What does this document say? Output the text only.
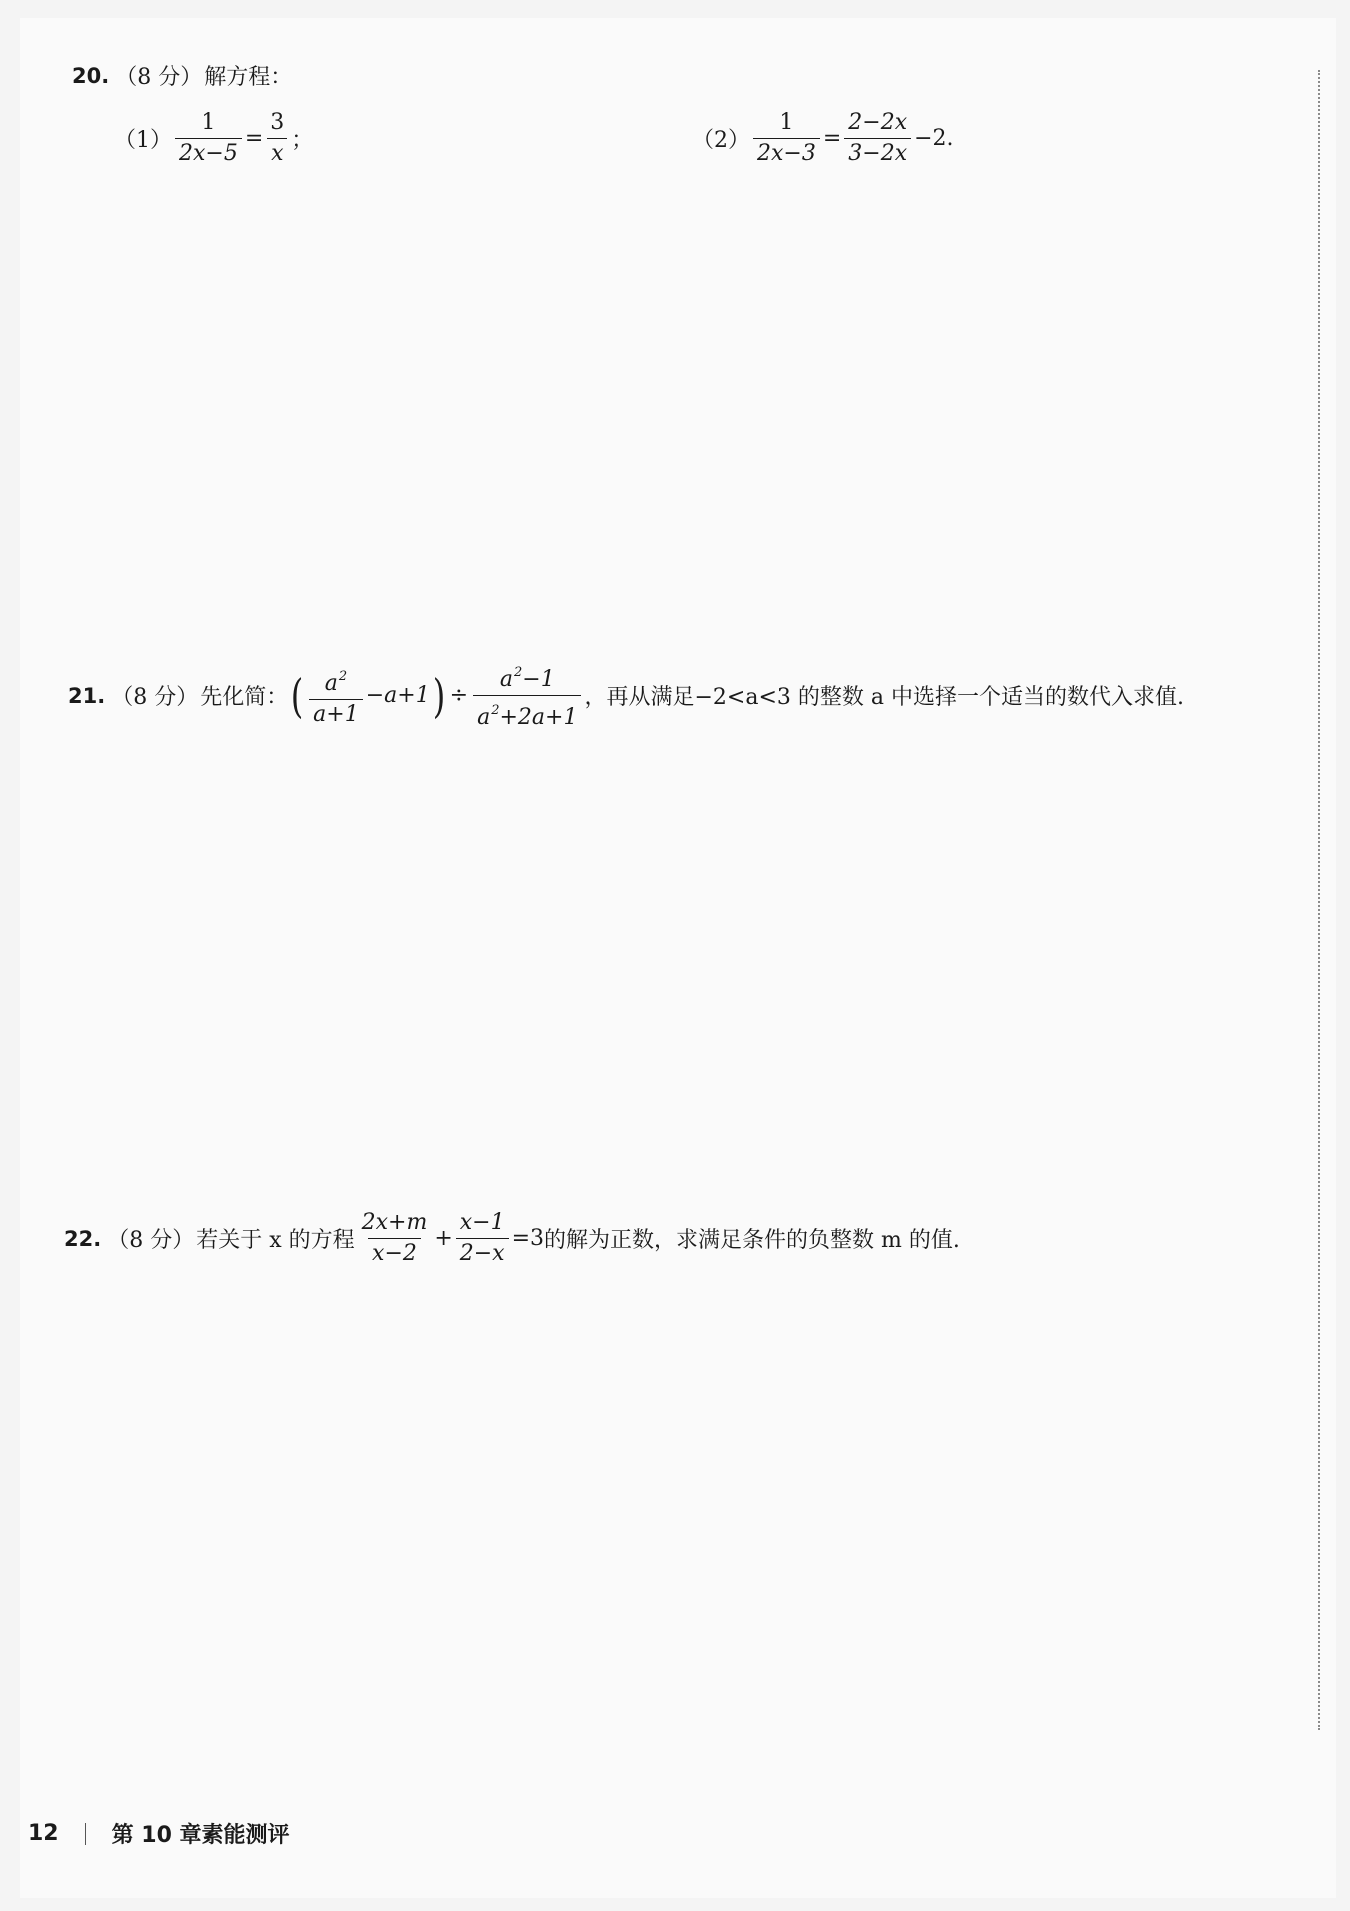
20. （8 分） 解方程：
$(1) \frac{1}{2x-5} = \frac{3}{x}$ ；	$(2) \frac{1}{2x-3} = \frac{2-2x}{3-2x} -2$.
21. （8 分） 先化简： ( $\frac{a^2}{a+1} -a+1$ ) ÷ $\frac{a^2-1}{a^2+2a+1}$ ，再从满足−2<a<3 的整数 a 中选择一个适当的数代入求值.
22. （8 分） 若关于 x 的方程 $\frac{2x+m}{x-2} + \frac{x-1}{2-x} =3$ 的解为正数，求满足条件的负整数 m 的值.
12 第 10 章素能测评
